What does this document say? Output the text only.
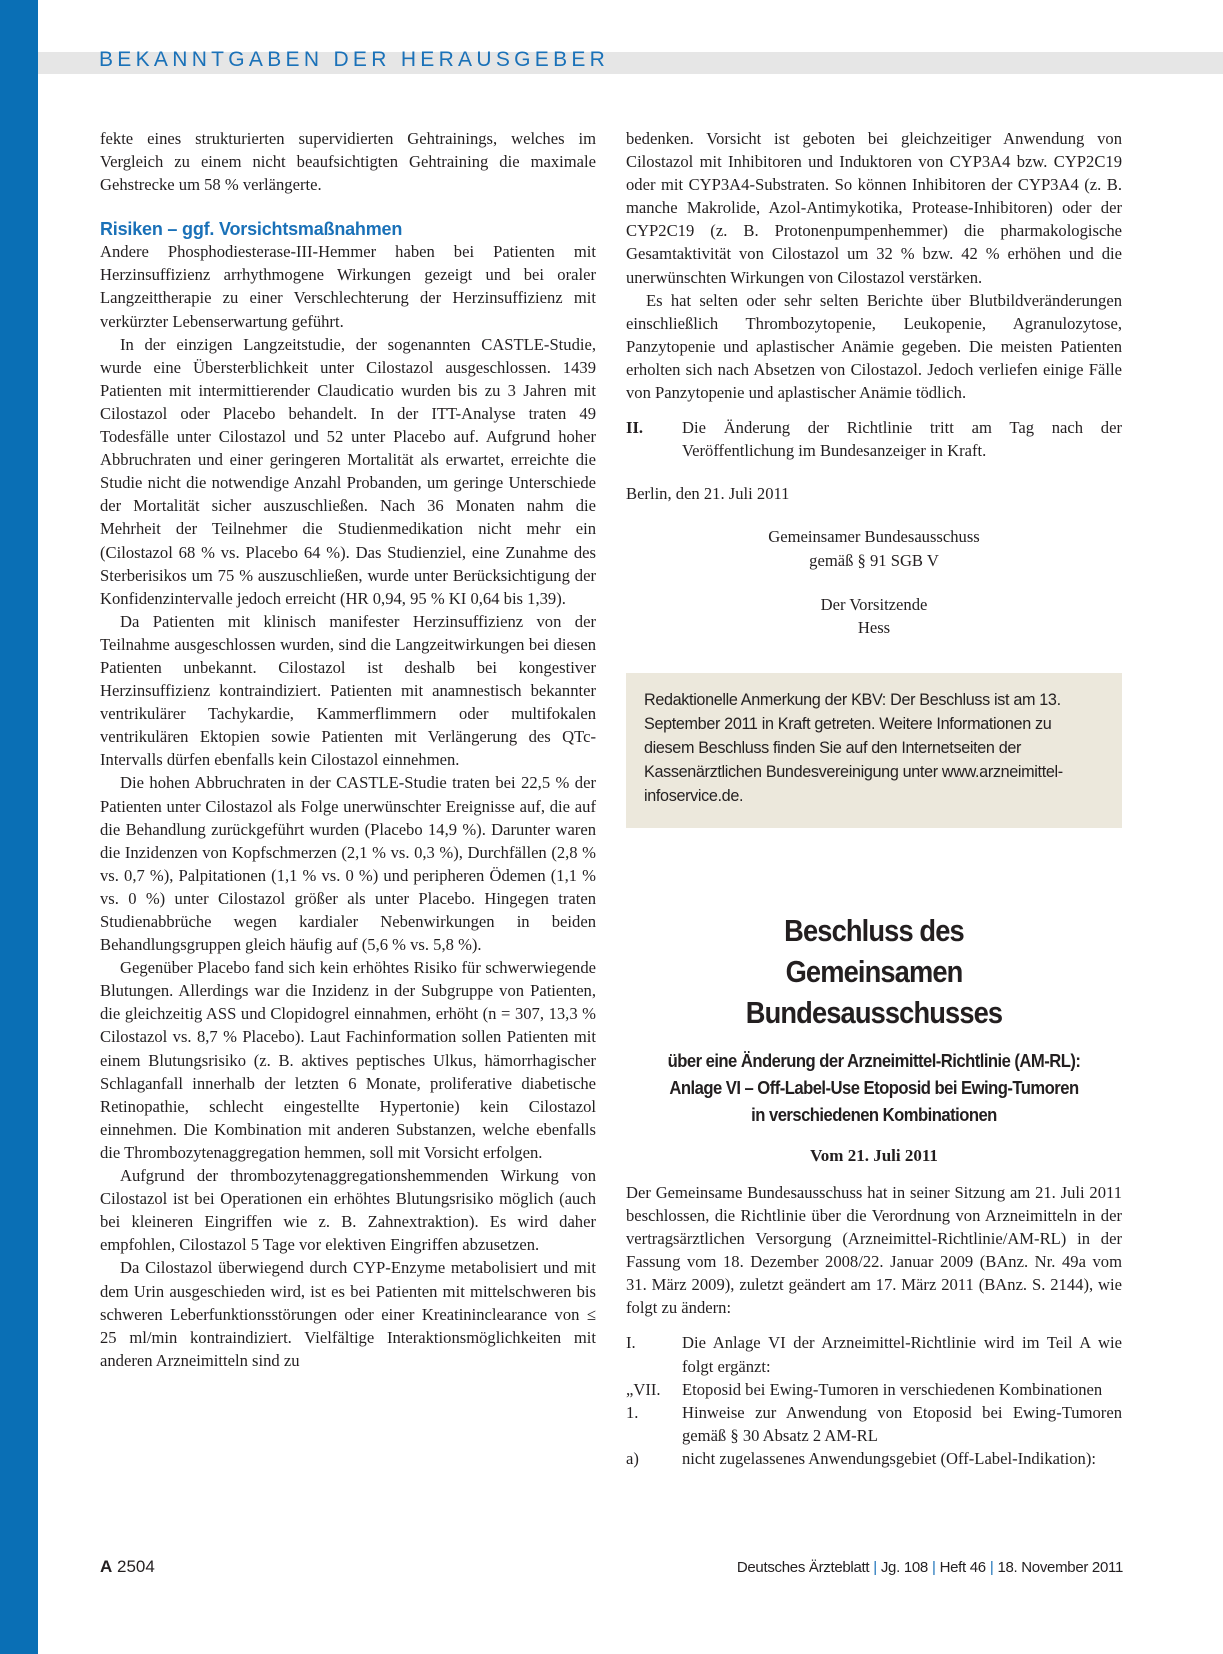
BEKANNTGABEN DER HERAUSGEBER

fekte eines strukturierten supervidierten Gehtrainings, welches im Vergleich zu einem nicht beaufsichtigten Gehtraining die maximale Gehstrecke um 58 % verlängerte.

Risiken – ggf. Vorsichtsmaßnahmen

Andere Phosphodiesterase-III-Hemmer haben bei Patienten mit Herzinsuffizienz arrhythmogene Wirkungen gezeigt und bei oraler Langzeittherapie zu einer Verschlechterung der Herzinsuffizienz mit verkürzter Lebenserwartung geführt.

In der einzigen Langzeitstudie, der sogenannten CASTLE-Studie, wurde eine Übersterblichkeit unter Cilostazol ausgeschlossen. 1439 Patienten mit intermittierender Claudicatio wurden bis zu 3 Jahren mit Cilostazol oder Placebo behandelt. In der ITT-Analyse traten 49 Todesfälle unter Cilostazol und 52 unter Placebo auf. Aufgrund hoher Abbruchraten und einer geringeren Mortalität als erwartet, erreichte die Studie nicht die notwendige Anzahl Probanden, um geringe Unterschiede der Mortalität sicher auszuschließen. Nach 36 Monaten nahm die Mehrheit der Teilnehmer die Studienmedikation nicht mehr ein (Cilostazol 68 % vs. Placebo 64 %). Das Studienziel, eine Zunahme des Sterberisikos um 75 % auszuschließen, wurde unter Berücksichtigung der Konfidenzintervalle jedoch erreicht (HR 0,94, 95 % KI 0,64 bis 1,39).

Da Patienten mit klinisch manifester Herzinsuffizienz von der Teilnahme ausgeschlossen wurden, sind die Langzeitwirkungen bei diesen Patienten unbekannt. Cilostazol ist deshalb bei kongestiver Herzinsuffizienz kontraindiziert. Patienten mit anamnestisch bekannter ventrikulärer Tachykardie, Kammerflimmern oder multifokalen ventrikulären Ektopien sowie Patienten mit Verlängerung des QTc-Intervalls dürfen ebenfalls kein Cilostazol einnehmen.

Die hohen Abbruchraten in der CASTLE-Studie traten bei 22,5 % der Patienten unter Cilostazol als Folge unerwünschter Ereignisse auf, die auf die Behandlung zurückgeführt wurden (Placebo 14,9 %). Darunter waren die Inzidenzen von Kopfschmerzen (2,1 % vs. 0,3 %), Durchfällen (2,8 % vs. 0,7 %), Palpitationen (1,1 % vs. 0 %) und peripheren Ödemen (1,1 % vs. 0 %) unter Cilostazol größer als unter Placebo. Hingegen traten Studienabbrüche wegen kardialer Nebenwirkungen in beiden Behandlungsgruppen gleich häufig auf (5,6 % vs. 5,8 %).

Gegenüber Placebo fand sich kein erhöhtes Risiko für schwerwiegende Blutungen. Allerdings war die Inzidenz in der Subgruppe von Patienten, die gleichzeitig ASS und Clopidogrel einnahmen, erhöht (n = 307, 13,3 % Cilostazol vs. 8,7 % Placebo). Laut Fachinformation sollen Patienten mit einem Blutungsrisiko (z. B. aktives peptisches Ulkus, hämorrhagischer Schlaganfall innerhalb der letzten 6 Monate, proliferative diabetische Retinopathie, schlecht eingestellte Hypertonie) kein Cilostazol einnehmen. Die Kombination mit anderen Substanzen, welche ebenfalls die Thrombozytenaggregation hemmen, soll mit Vorsicht erfolgen.

Aufgrund der thrombozytenaggregationshemmenden Wirkung von Cilostazol ist bei Operationen ein erhöhtes Blutungsrisiko möglich (auch bei kleineren Eingriffen wie z. B. Zahnextraktion). Es wird daher empfohlen, Cilostazol 5 Tage vor elektiven Eingriffen abzusetzen.

Da Cilostazol überwiegend durch CYP-Enzyme metabolisiert und mit dem Urin ausgeschieden wird, ist es bei Patienten mit mittelschweren bis schweren Leberfunktionsstörungen oder einer Kreatininclearance von ≤ 25 ml/min kontraindiziert. Vielfältige Interaktionsmöglichkeiten mit anderen Arzneimitteln sind zu

bedenken. Vorsicht ist geboten bei gleichzeitiger Anwendung von Cilostazol mit Inhibitoren und Induktoren von CYP3A4 bzw. CYP2C19 oder mit CYP3A4-Substraten. So können Inhibitoren der CYP3A4 (z. B. manche Makrolide, Azol-Antimykotika, Protease-Inhibitoren) oder der CYP2C19 (z. B. Protonenpumpenhemmer) die pharmakologische Gesamtaktivität von Cilostazol um 32 % bzw. 42 % erhöhen und die unerwünschten Wirkungen von Cilostazol verstärken.

Es hat selten oder sehr selten Berichte über Blutbildveränderungen einschließlich Thrombozytopenie, Leukopenie, Agranulozytose, Panzytopenie und aplastischer Anämie gegeben. Die meisten Patienten erholten sich nach Absetzen von Cilostazol. Jedoch verliefen einige Fälle von Panzytopenie und aplastischer Anämie tödlich.

II.	Die Änderung der Richtlinie tritt am Tag nach der Veröffentlichung im Bundesanzeiger in Kraft.

Berlin, den 21. Juli 2011

Gemeinsamer Bundesausschuss

gemäß § 91 SGB V

Der Vorsitzende

Hess

Redaktionelle Anmerkung der KBV: Der Beschluss ist am 13. September 2011 in Kraft getreten. Weitere Informationen zu diesem Beschluss finden Sie auf den Internetseiten der Kassenärztlichen Bundesvereinigung unter www.arzneimittel-infoservice.de.

Beschluss des
Gemeinsamen Bundesausschusses

über eine Änderung der Arzneimittel-Richtlinie (AM-RL):
Anlage VI – Off-Label-Use Etoposid bei Ewing-Tumoren
in verschiedenen Kombinationen

Vom 21. Juli 2011

Der Gemeinsame Bundesausschuss hat in seiner Sitzung am 21. Juli 2011 beschlossen, die Richtlinie über die Verordnung von Arzneimitteln in der vertragsärztlichen Versorgung (Arzneimittel-Richtlinie/AM-RL) in der Fassung vom 18. Dezember 2008/22. Januar 2009 (BAnz. Nr. 49a vom 31. März 2009), zuletzt geändert am 17. März 2011 (BAnz. S. 2144), wie folgt zu ändern:

I.	Die Anlage VI der Arzneimittel-Richtlinie wird im Teil A wie folgt ergänzt:
„VII.	Etoposid bei Ewing-Tumoren in verschiedenen Kombinationen
1.	Hinweise zur Anwendung von Etoposid bei Ewing-Tumoren gemäß § 30 Absatz 2 AM-RL
a)	nicht zugelassenes Anwendungsgebiet (Off-Label-Indikation):
A 2504	Deutsches Ärzteblatt | Jg. 108 | Heft 46 | 18. November 2011
